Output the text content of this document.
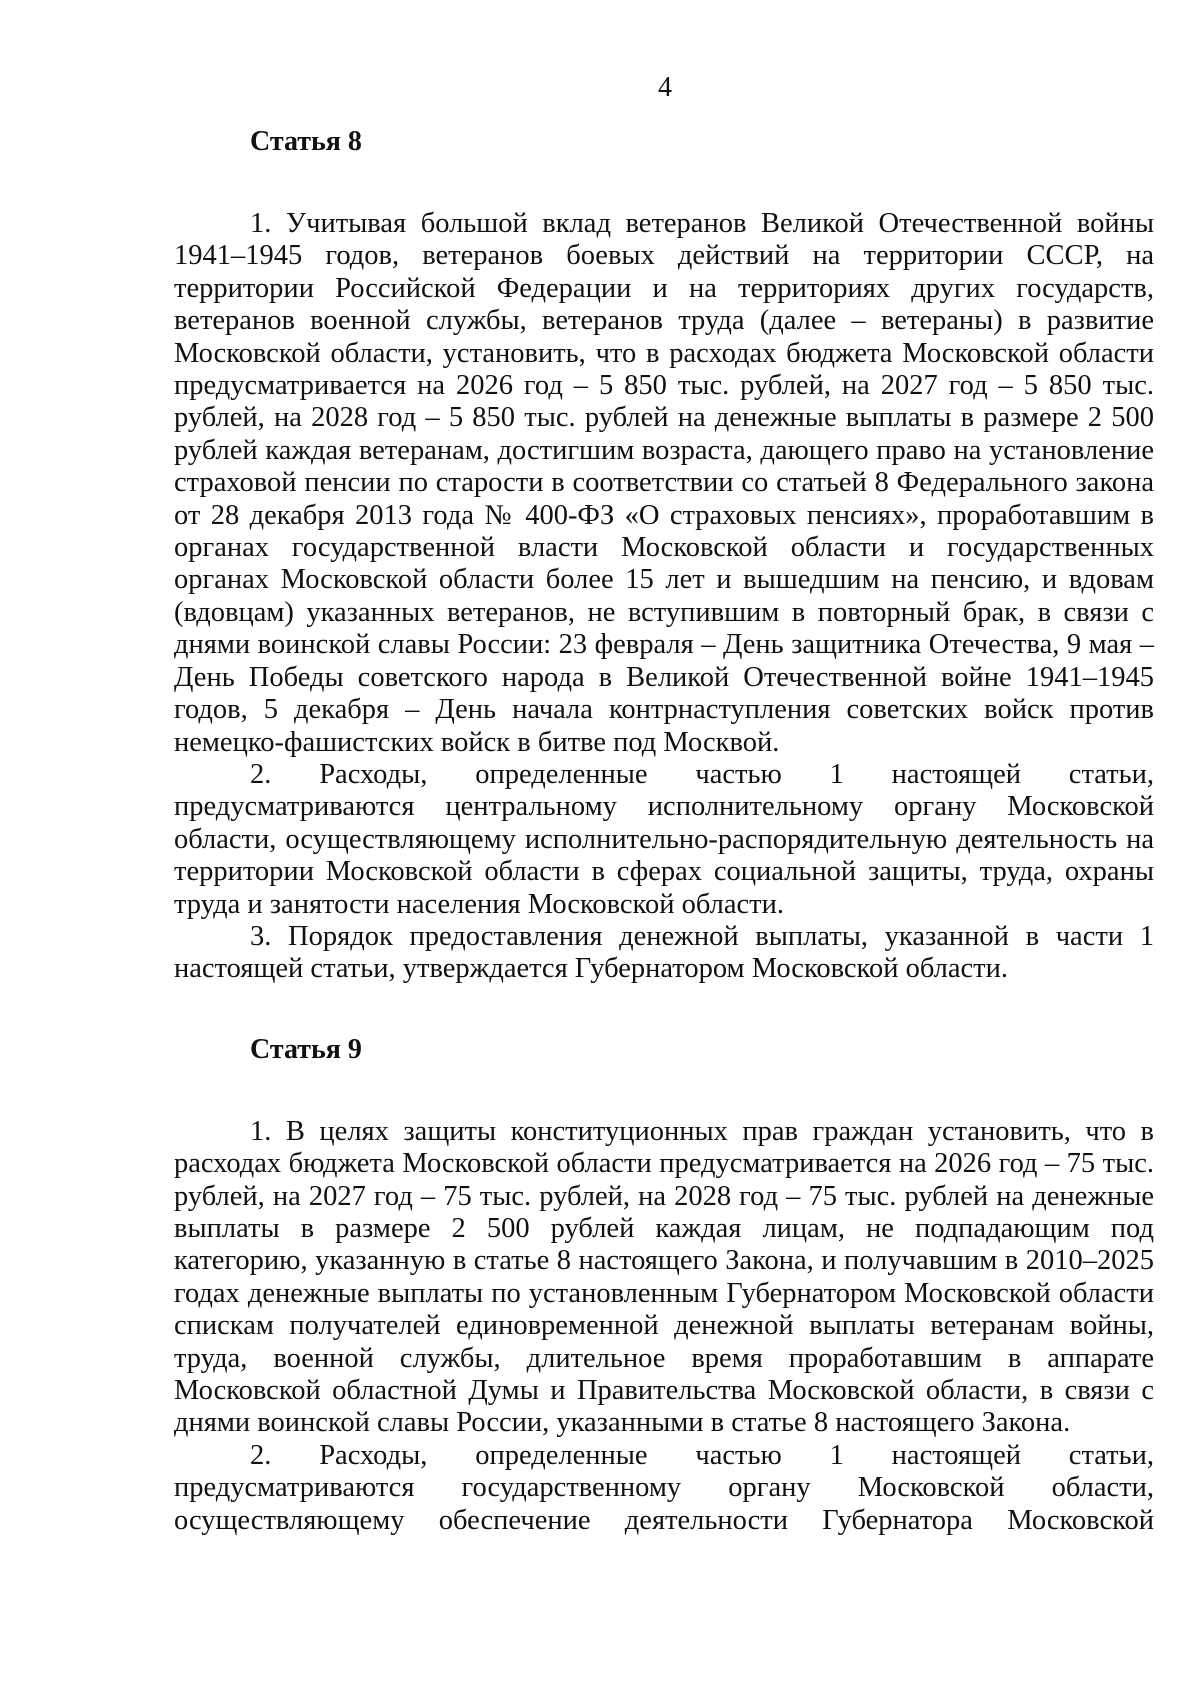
4
Статья 8

1. Учитывая большой вклад ветеранов Великой Отечественной войны 1941–1945 годов, ветеранов боевых действий на территории СССР, на территории Российской Федерации и на территориях других государств, ветеранов военной службы, ветеранов труда (далее – ветераны) в развитие Московской области, установить, что в расходах бюджета Московской области предусматривается на 2026 год – 5 850 тыс. рублей, на 2027 год – 5 850 тыс. рублей, на 2028 год – 5 850 тыс. рублей на денежные выплаты в размере 2 500 рублей каждая ветеранам, достигшим возраста, дающего право на установление страховой пенсии по старости в соответствии со статьей 8 Федерального закона от 28 декабря 2013 года № 400-ФЗ «О страховых пенсиях», проработавшим в органах государственной власти Московской области и государственных органах Московской области более 15 лет и вышедшим на пенсию, и вдовам (вдовцам) указанных ветеранов, не вступившим в повторный брак, в связи с днями воинской славы России: 23 февраля – День защитника Отечества, 9 мая – День Победы советского народа в Великой Отечественной войне 1941–1945 годов, 5 декабря – День начала контрнаступления советских войск против немецко-фашистских войск в битве под Москвой.

2. Расходы, определенные частью 1 настоящей статьи, предусматриваются центральному исполнительному органу Московской области, осуществляющему исполнительно-распорядительную деятельность на территории Московской области в сферах социальной защиты, труда, охраны труда и занятости населения Московской области.

3. Порядок предоставления денежной выплаты, указанной в части 1 настоящей статьи, утверждается Губернатором Московской области.

Статья 9

1. В целях защиты конституционных прав граждан установить, что в расходах бюджета Московской области предусматривается на 2026 год – 75 тыс. рублей, на 2027 год – 75 тыс. рублей, на 2028 год – 75 тыс. рублей на денежные выплаты в размере 2 500 рублей каждая лицам, не подпадающим под категорию, указанную в статье 8 настоящего Закона, и получавшим в 2010–2025 годах денежные выплаты по установленным Губернатором Московской области спискам получателей единовременной денежной выплаты ветеранам войны, труда, военной службы, длительное время проработавшим в аппарате Московской областной Думы и Правительства Московской области, в связи с днями воинской славы России, указанными в статье 8 настоящего Закона.

2. Расходы, определенные частью 1 настоящей статьи, предусматриваются государственному органу Московской области, осуществляющему обеспечение деятельности Губернатора Московской
